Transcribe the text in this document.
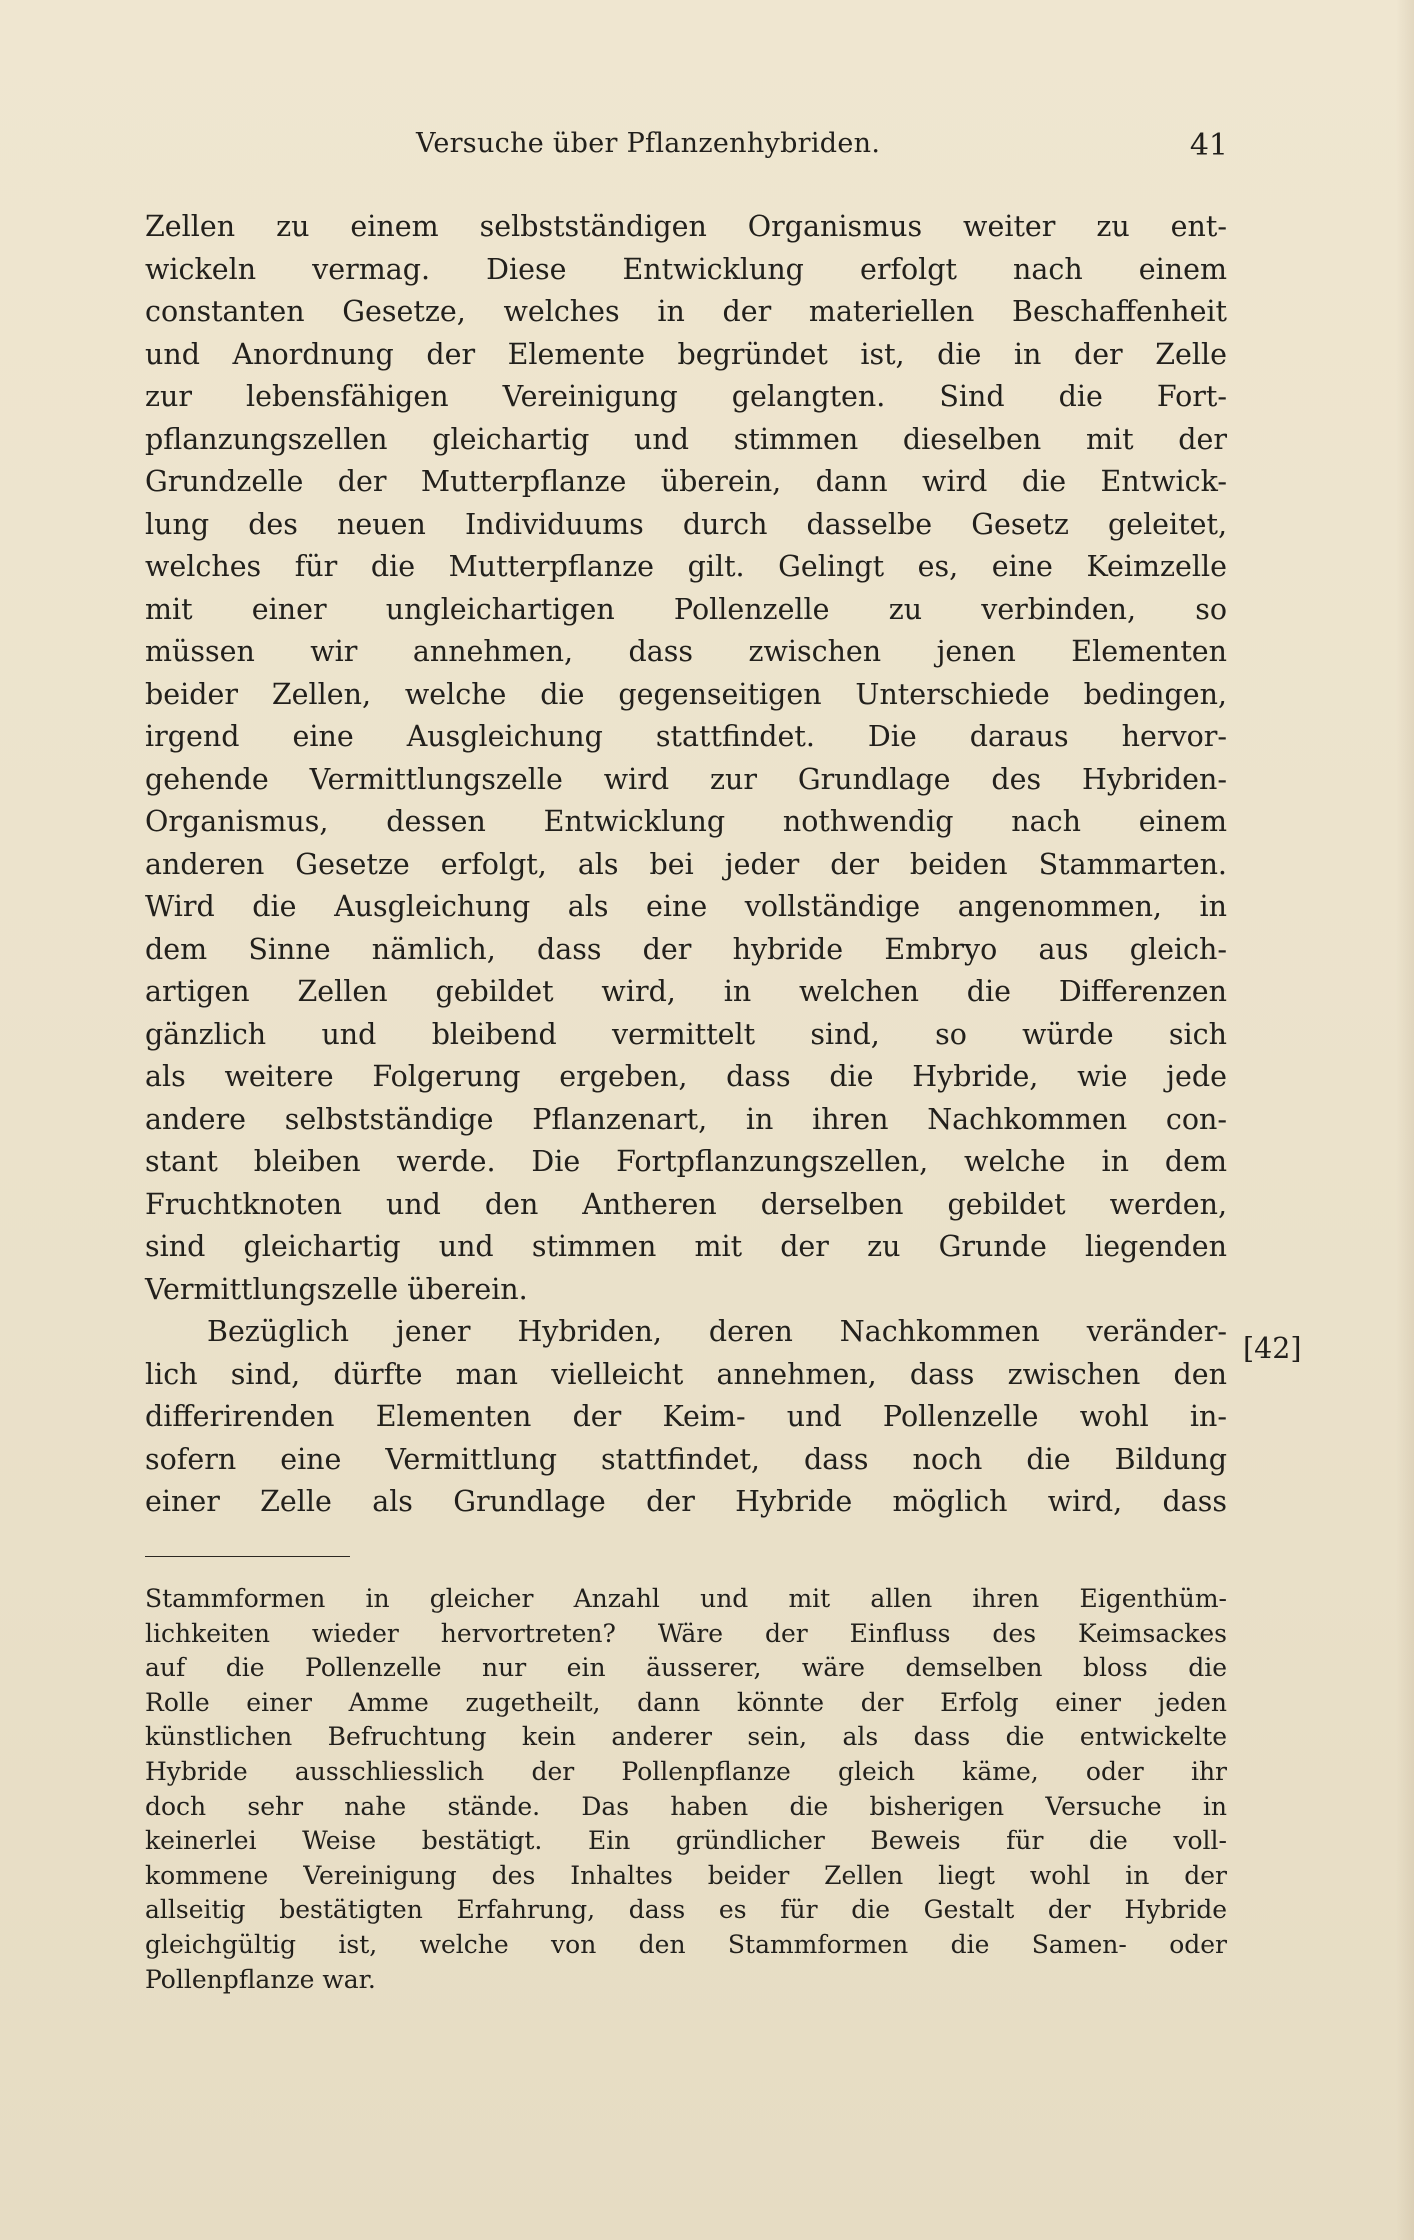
Versuche über Pflanzenhybriden.	41
Zellen zu einem selbstständigen Organismus weiter zu ent-
wickeln vermag. Diese Entwicklung erfolgt nach einem
constanten Gesetze, welches in der materiellen Beschaffenheit
und Anordnung der Elemente begründet ist, die in der Zelle
zur lebensfähigen Vereinigung gelangten. Sind die Fort-
pflanzungszellen gleichartig und stimmen dieselben mit der
Grundzelle der Mutterpflanze überein, dann wird die Entwick-
lung des neuen Individuums durch dasselbe Gesetz geleitet,
welches für die Mutterpflanze gilt. Gelingt es, eine Keimzelle
mit einer ungleichartigen Pollenzelle zu verbinden, so
müssen wir annehmen, dass zwischen jenen Elementen
beider Zellen, welche die gegenseitigen Unterschiede bedingen,
irgend eine Ausgleichung stattfindet. Die daraus hervor-
gehende Vermittlungszelle wird zur Grundlage des Hybriden-
Organismus, dessen Entwicklung nothwendig nach einem
anderen Gesetze erfolgt, als bei jeder der beiden Stammarten.
Wird die Ausgleichung als eine vollständige angenommen, in
dem Sinne nämlich, dass der hybride Embryo aus gleich-
artigen Zellen gebildet wird, in welchen die Differenzen
gänzlich und bleibend vermittelt sind, so würde sich
als weitere Folgerung ergeben, dass die Hybride, wie jede
andere selbstständige Pflanzenart, in ihren Nachkommen con-
stant bleiben werde. Die Fortpflanzungszellen, welche in dem
Fruchtknoten und den Antheren derselben gebildet werden,
sind gleichartig und stimmen mit der zu Grunde liegenden
Vermittlungszelle überein.
Bezüglich jener Hybriden, deren Nachkommen veränder-
lich sind, dürfte man vielleicht annehmen, dass zwischen den
differirenden Elementen der Keim- und Pollenzelle wohl in-
sofern eine Vermittlung stattfindet, dass noch die Bildung
einer Zelle als Grundlage der Hybride möglich wird, dass
[42]
Stammformen in gleicher Anzahl und mit allen ihren Eigenthüm-
lichkeiten wieder hervortreten? Wäre der Einfluss des Keimsackes
auf die Pollenzelle nur ein äusserer, wäre demselben bloss die
Rolle einer Amme zugetheilt, dann könnte der Erfolg einer jeden
künstlichen Befruchtung kein anderer sein, als dass die entwickelte
Hybride ausschliesslich der Pollenpflanze gleich käme, oder ihr
doch sehr nahe stände. Das haben die bisherigen Versuche in
keinerlei Weise bestätigt. Ein gründlicher Beweis für die voll-
kommene Vereinigung des Inhaltes beider Zellen liegt wohl in der
allseitig bestätigten Erfahrung, dass es für die Gestalt der Hybride
gleichgültig ist, welche von den Stammformen die Samen- oder
Pollenpflanze war.
